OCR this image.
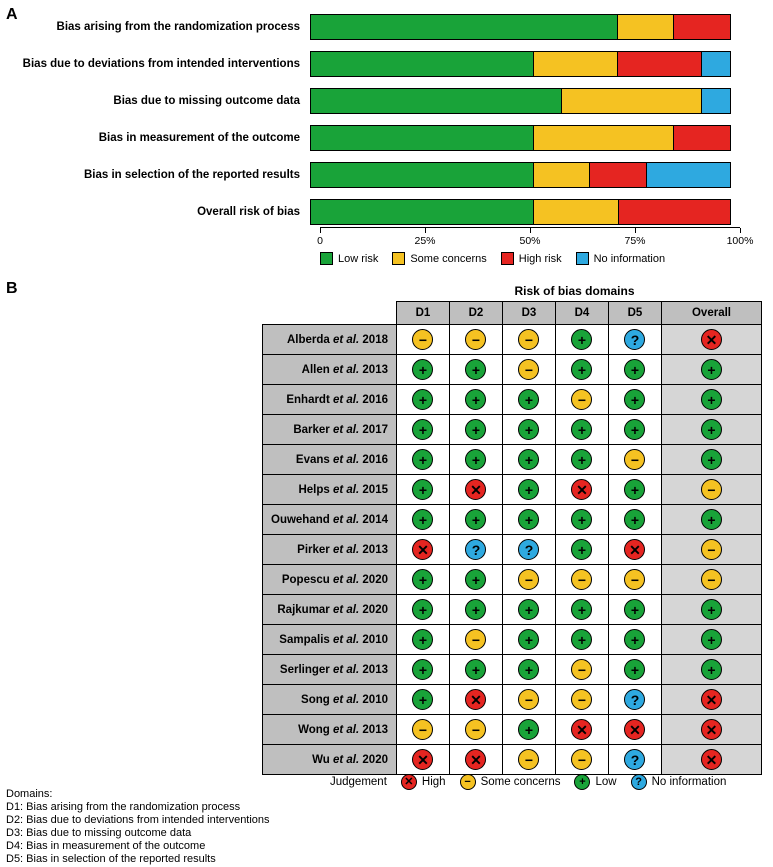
A
Bias arising from the randomization process
Bias due to deviations from intended interventions
Bias due to missing outcome data
Bias in measurement of the outcome
Bias in selection of the reported results
Overall risk of bias
0	25%	50%	75%	100%
Low risk	Some concerns	High risk	No information
B	Risk of bias domains
	D1	D2	D3	D4	D5	Overall
Alberda et al. 2018	−	−	−	+	?	✕
Allen et al. 2013	+	+	−	+	+	+
Enhardt et al. 2016	+	+	+	−	+	+
Barker et al. 2017	+	+	+	+	+	+
Evans et al. 2016	+	+	+	+	−	+
Helps et al. 2015	+	✕	+	✕	+	−
Ouwehand et al. 2014	+	+	+	+	+	+
Pirker et al. 2013	✕	?	?	+	✕	−
Popescu et al. 2020	+	+	−	−	−	−
Rajkumar et al. 2020	+	+	+	+	+	+
Sampalis et al. 2010	+	−	+	+	+	+
Serlinger et al. 2013	+	+	+	−	+	+
Song et al. 2010	+	✕	−	−	?	✕
Wong et al. 2013	−	−	+	✕	✕	✕
Wu et al. 2020	✕	✕	−	−	?	✕
Judgement	✕ High	− Some concerns	+ Low	? No information
Domains:
D1: Bias arising from the randomization process
D2: Bias due to deviations from intended interventions
D3: Bias due to missing outcome data
D4: Bias in measurement of the outcome
D5: Bias in selection of the reported results
